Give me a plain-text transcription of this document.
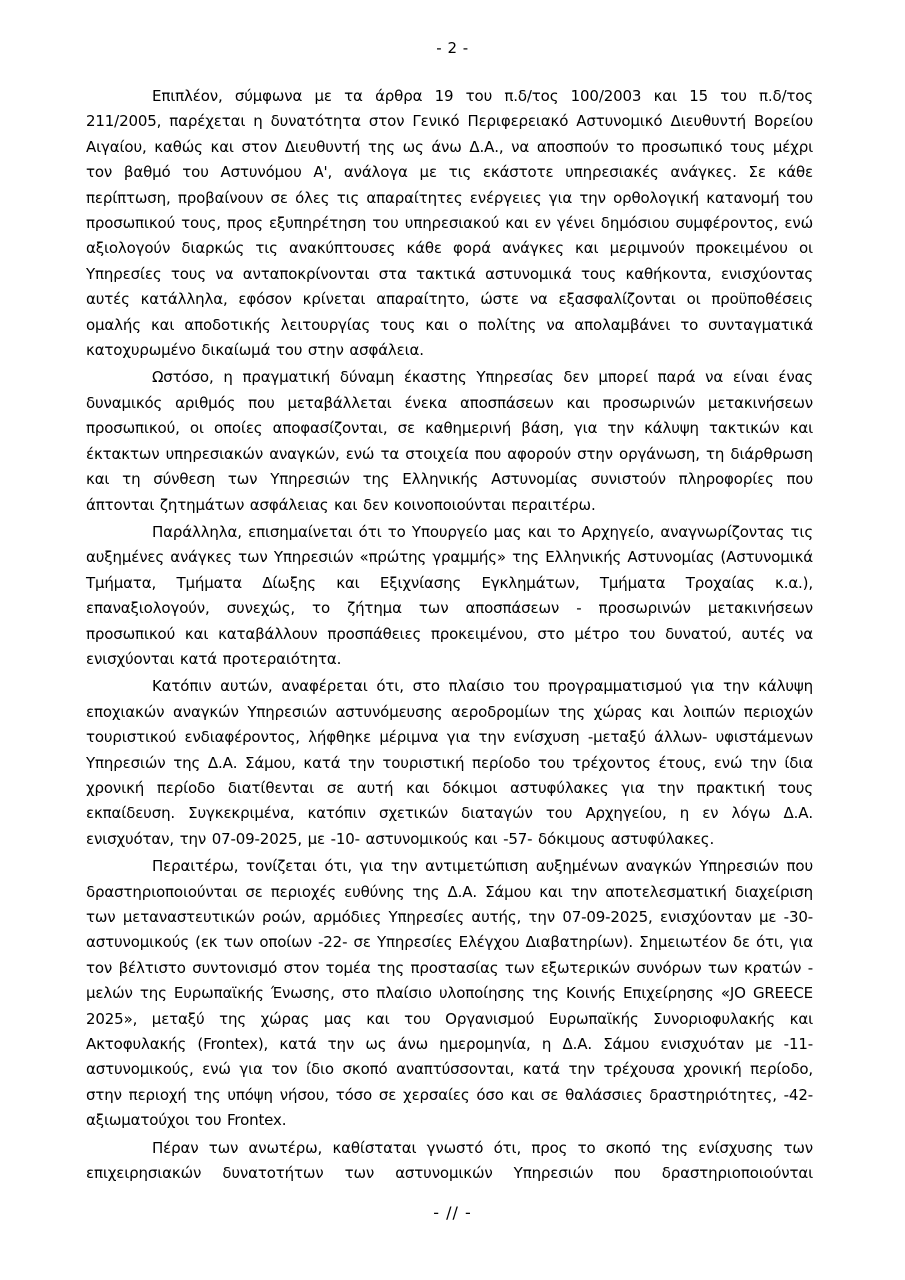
- 2 -

Επιπλέον, σύμφωνα με τα άρθρα 19 του π.δ/τος 100/2003 και 15 του π.δ/τος 211/2005, παρέχεται η δυνατότητα στον Γενικό Περιφερειακό Αστυνομικό Διευθυντή Βορείου Αιγαίου, καθώς και στον Διευθυντή της ως άνω Δ.Α., να αποσπούν το προσωπικό τους μέχρι τον βαθμό του Αστυνόμου Α', ανάλογα με τις εκάστοτε υπηρεσιακές ανάγκες. Σε κάθε περίπτωση, προβαίνουν σε όλες τις απαραίτητες ενέργειες για την ορθολογική κατανομή του προσωπικού τους, προς εξυπηρέτηση του υπηρεσιακού και εν γένει δημόσιου συμφέροντος, ενώ αξιολογούν διαρκώς τις ανακύπτουσες κάθε φορά ανάγκες και μεριμνούν προκειμένου οι Υπηρεσίες τους να ανταποκρίνονται στα τακτικά αστυνομικά τους καθήκοντα, ενισχύοντας αυτές κατάλληλα, εφόσον κρίνεται απαραίτητο, ώστε να εξασφαλίζονται οι προϋποθέσεις ομαλής και αποδοτικής λειτουργίας τους και ο πολίτης να απολαμβάνει το συνταγματικά κατοχυρωμένο δικαίωμά του στην ασφάλεια.

Ωστόσο, η πραγματική δύναμη έκαστης Υπηρεσίας δεν μπορεί παρά να είναι ένας δυναμικός αριθμός που μεταβάλλεται ένεκα αποσπάσεων και προσωρινών μετακινήσεων προσωπικού, οι οποίες αποφασίζονται, σε καθημερινή βάση, για την κάλυψη τακτικών και έκτακτων υπηρεσιακών αναγκών, ενώ τα στοιχεία που αφορούν στην οργάνωση, τη διάρθρωση και τη σύνθεση των Υπηρεσιών της Ελληνικής Αστυνομίας συνιστούν πληροφορίες που άπτονται ζητημάτων ασφάλειας και δεν κοινοποιούνται περαιτέρω.

Παράλληλα, επισημαίνεται ότι το Υπουργείο μας και το Αρχηγείο, αναγνωρίζοντας τις αυξημένες ανάγκες των Υπηρεσιών «πρώτης γραμμής» της Ελληνικής Αστυνομίας (Αστυνομικά Τμήματα, Τμήματα Δίωξης και Εξιχνίασης Εγκλημάτων, Τμήματα Τροχαίας κ.α.), επαναξιολογούν, συνεχώς, το ζήτημα των αποσπάσεων - προσωρινών μετακινήσεων προσωπικού και καταβάλλουν προσπάθειες προκειμένου, στο μέτρο του δυνατού, αυτές να ενισχύονται κατά προτεραιότητα.

Κατόπιν αυτών, αναφέρεται ότι, στο πλαίσιο του προγραμματισμού για την κάλυψη εποχιακών αναγκών Υπηρεσιών αστυνόμευσης αεροδρομίων της χώρας και λοιπών περιοχών τουριστικού ενδιαφέροντος, λήφθηκε μέριμνα για την ενίσχυση -μεταξύ άλλων- υφιστάμενων Υπηρεσιών της Δ.Α. Σάμου, κατά την τουριστική περίοδο του τρέχοντος έτους, ενώ την ίδια χρονική περίοδο διατίθενται σε αυτή και δόκιμοι αστυφύλακες για την πρακτική τους εκπαίδευση. Συγκεκριμένα, κατόπιν σχετικών διαταγών του Αρχηγείου, η εν λόγω Δ.Α. ενισχυόταν, την 07-09-2025, με -10- αστυνομικούς και -57- δόκιμους αστυφύλακες.

Περαιτέρω, τονίζεται ότι, για την αντιμετώπιση αυξημένων αναγκών Υπηρεσιών που δραστηριοποιούνται σε περιοχές ευθύνης της Δ.Α. Σάμου και την αποτελεσματική διαχείριση των μεταναστευτικών ροών, αρμόδιες Υπηρεσίες αυτής, την 07-09-2025, ενισχύονταν με -30- αστυνομικούς (εκ των οποίων -22- σε Υπηρεσίες Ελέγχου Διαβατηρίων). Σημειωτέον δε ότι, για τον βέλτιστο συντονισμό στον τομέα της προστασίας των εξωτερικών συνόρων των κρατών - μελών της Ευρωπαϊκής Ένωσης, στο πλαίσιο υλοποίησης της Κοινής Επιχείρησης «JO GREECE 2025», μεταξύ της χώρας μας και του Οργανισμού Ευρωπαϊκής Συνοριοφυλακής και Ακτοφυλακής (Frontex), κατά την ως άνω ημερομηνία, η Δ.Α. Σάμου ενισχυόταν με -11- αστυνομικούς, ενώ για τον ίδιο σκοπό αναπτύσσονται, κατά την τρέχουσα χρονική περίοδο, στην περιοχή της υπόψη νήσου, τόσο σε χερσαίες όσο και σε θαλάσσιες δραστηριότητες, -42- αξιωματούχοι του Frontex.

Πέραν των ανωτέρω, καθίσταται γνωστό ότι, προς το σκοπό της ενίσχυσης των επιχειρησιακών δυνατοτήτων των αστυνομικών Υπηρεσιών που δραστηριοποιούνται

- // -
